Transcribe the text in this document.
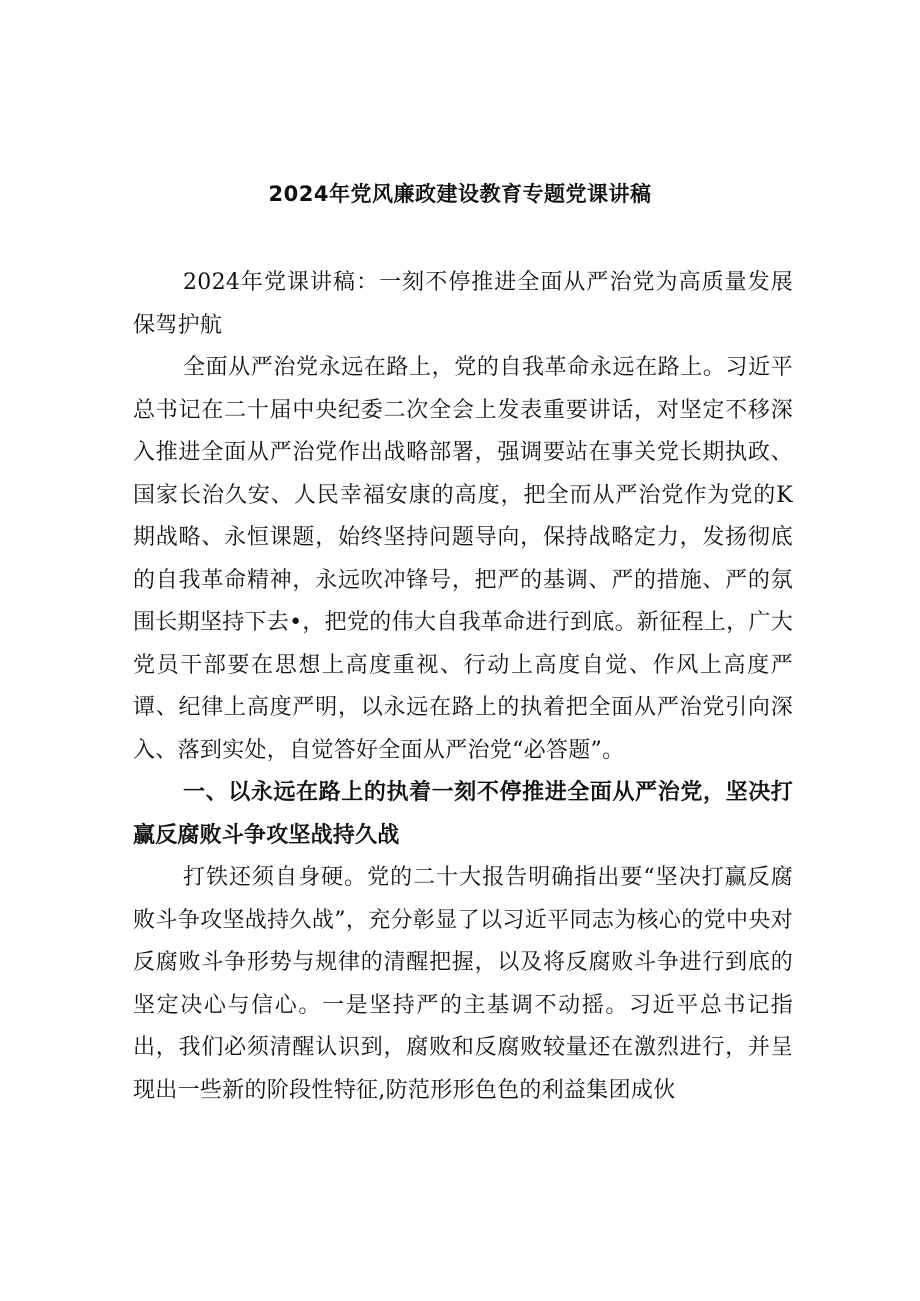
2024年党风廉政建设教育专题党课讲稿

2024年党课讲稿：一刻不停推进全面从严治党为高质量发展保驾护航

全面从严治党永远在路上，党的自我革命永远在路上。习近平总书记在二十届中央纪委二次全会上发表重要讲话，对坚定不移深入推进全面从严治党作出战略部署，强调要站在事关党长期执政、国家长治久安、人民幸福安康的高度，把全而从严治党作为党的K期战略、永恒课题，始终坚持问题导向，保持战略定力，发扬彻底的自我革命精神，永远吹冲锋号，把严的基调、严的措施、严的氛围长期坚持下去•，把党的伟大自我革命进行到底。新征程上，广大党员干部要在思想上高度重视、行动上高度自觉、作风上高度严谭、纪律上高度严明，以永远在路上的执着把全面从严治党引向深入、落到实处，自觉答好全面从严治党“必答题”。

一、以永远在路上的执着一刻不停推进全面从严治党，坚决打赢反腐败斗争攻坚战持久战

打铁还须自身硬。党的二十大报告明确指出要“坚决打赢反腐败斗争攻坚战持久战”，充分彰显了以习近平同志为核心的党中央对反腐败斗争形势与规律的清醒把握，以及将反腐败斗争进行到底的坚定决心与信心。一是坚持严的主基调不动摇。习近平总书记指出，我们必须清醒认识到，腐败和反腐败较量还在激烈进行，并呈现出一些新的阶段性特征,防范形形色色的利益集团成伙
